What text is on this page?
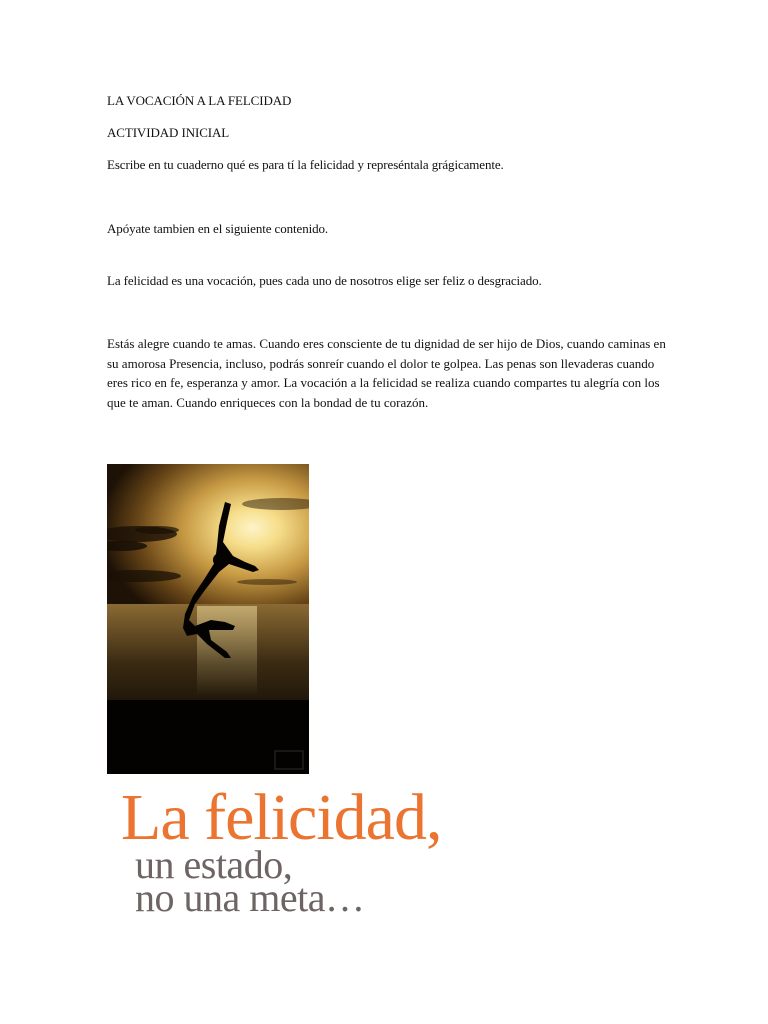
LA VOCACIÓN A LA FELCIDAD
ACTIVIDAD INICIAL
Escribe en tu cuaderno qué es para tí la felicidad y represéntala grágicamente.
Apóyate tambien en el siguiente contenido.
La felicidad es una vocación, pues cada uno de nosotros elige ser feliz o desgraciado.
Estás alegre cuando te amas. Cuando eres consciente de tu dignidad de ser hijo de Dios, cuando caminas en su amorosa Presencia, incluso, podrás sonreír cuando el dolor te golpea. Las penas son llevaderas cuando eres rico en fe, esperanza y amor. La vocación a la felicidad se realiza cuando compartes tu alegría con los que te aman. Cuando enriqueces con la bondad de tu corazón.
La felicidad,
un estado,
no una meta…
